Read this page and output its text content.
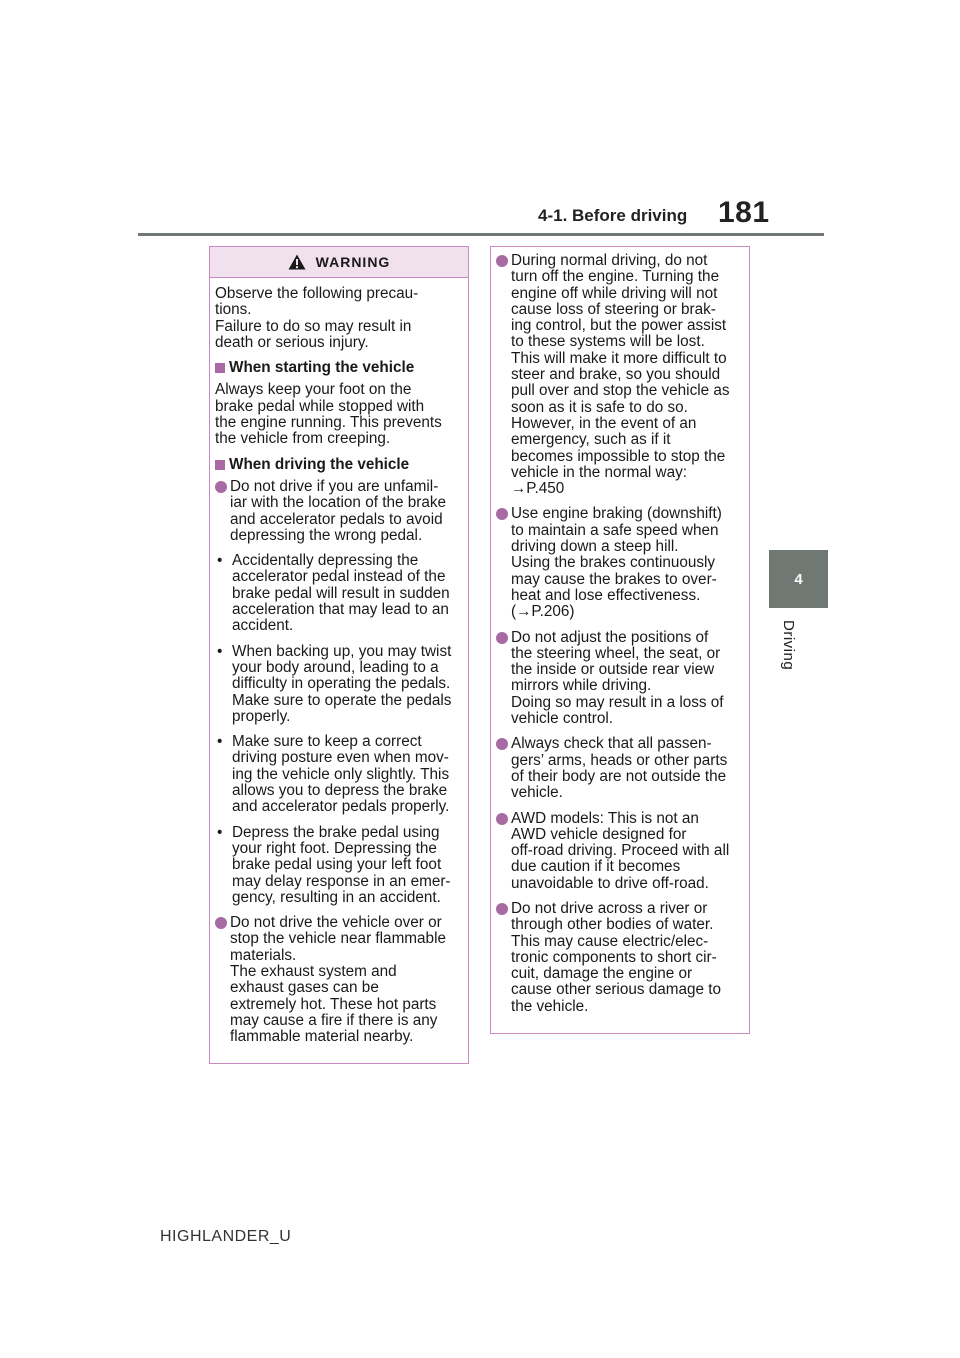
4-1. Before driving 181
4
Driving
WARNING

Observe the following precau-
tions.
Failure to do so may result in
death or serious injury.

When starting the vehicle

Always keep your foot on the
brake pedal while stopped with
the engine running. This prevents
the vehicle from creeping.

When driving the vehicle
Do not drive if you are unfamil-
iar with the location of the brake
and accelerator pedals to avoid
depressing the wrong pedal.
• Accidentally depressing the
accelerator pedal instead of the
brake pedal will result in sudden
acceleration that may lead to an
accident.
• When backing up, you may twist
your body around, leading to a
difficulty in operating the pedals.
Make sure to operate the pedals
properly.
• Make sure to keep a correct
driving posture even when mov-
ing the vehicle only slightly. This
allows you to depress the brake
and accelerator pedals properly.
• Depress the brake pedal using
your right foot. Depressing the
brake pedal using your left foot
may delay response in an emer-
gency, resulting in an accident.
Do not drive the vehicle over or
stop the vehicle near flammable
materials.
The exhaust system and
exhaust gases can be
extremely hot. These hot parts
may cause a fire if there is any
flammable material nearby.
During normal driving, do not
turn off the engine. Turning the
engine off while driving will not
cause loss of steering or brak-
ing control, but the power assist
to these systems will be lost.
This will make it more difficult to
steer and brake, so you should
pull over and stop the vehicle as
soon as it is safe to do so.
However, in the event of an
emergency, such as if it
becomes impossible to stop the
vehicle in the normal way:
→P.450
Use engine braking (downshift)
to maintain a safe speed when
driving down a steep hill.
Using the brakes continuously
may cause the brakes to over-
heat and lose effectiveness.
(→P.206)
Do not adjust the positions of
the steering wheel, the seat, or
the inside or outside rear view
mirrors while driving.
Doing so may result in a loss of
vehicle control.
Always check that all passen-
gers’ arms, heads or other parts
of their body are not outside the
vehicle.
AWD models: This is not an
AWD vehicle designed for
off-road driving. Proceed with all
due caution if it becomes
unavoidable to drive off-road.
Do not drive across a river or
through other bodies of water.
This may cause electric/elec-
tronic components to short cir-
cuit, damage the engine or
cause other serious damage to
the vehicle.
HIGHLANDER_U
